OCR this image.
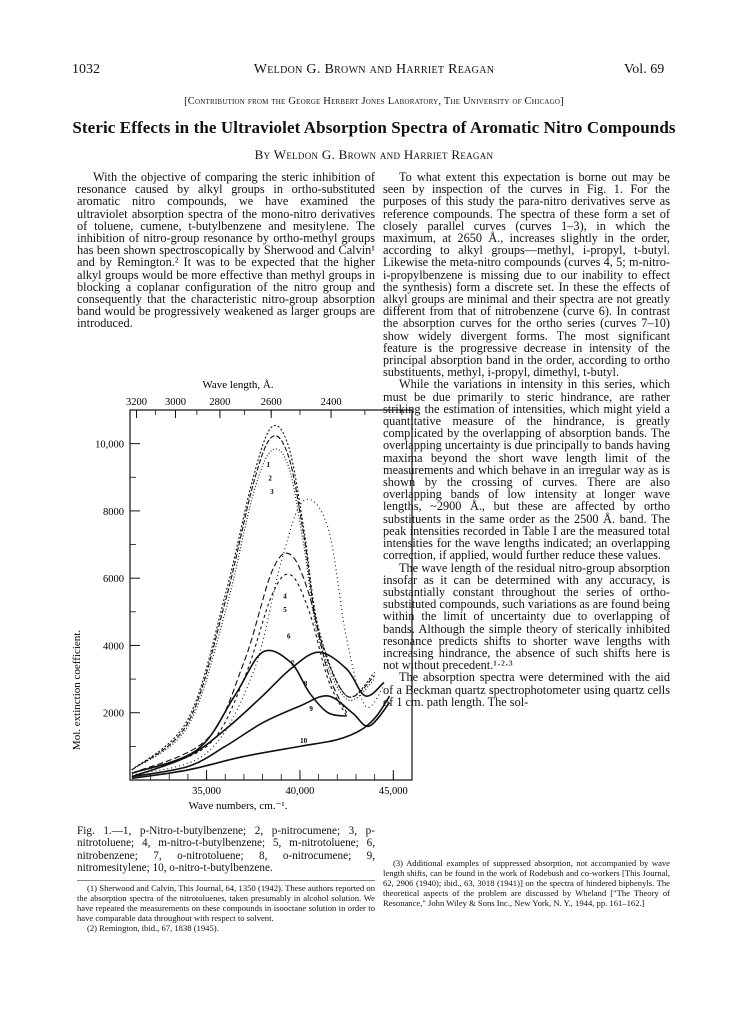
1032	Weldon G. Brown and Harriet Reagan	Vol. 69
[Contribution from the George Herbert Jones Laboratory, The University of Chicago]
Steric Effects in the Ultraviolet Absorption Spectra of Aromatic Nitro Compounds
By Weldon G. Brown and Harriet Reagan

With the objective of comparing the steric inhibition of resonance caused by alkyl groups in ortho-substituted aromatic nitro compounds, we have examined the ultraviolet absorption spectra of the mono-nitro derivatives of toluene, cumene, t-butylbenzene and mesitylene. The inhibition of nitro-group resonance by ortho-methyl groups has been shown spectroscopically by Sherwood and Calvin¹ and by Remington.² It was to be expected that the higher alkyl groups would be more effective than methyl groups in blocking a coplanar configuration of the nitro group and consequently that the characteristic nitro-group absorption band would be progressively weakened as larger groups are introduced.

Wave length, Å.
3200 3000 2800	2600	2400
10,000
8000
6000
4000
2000
35,000	40,000	45,000
Mol. extinction coefficient.
Wave numbers, cm.⁻¹.
1
2
3
4
5
6
7
8
9
10
Fig. 1.—1, p-Nitro-t-butylbenzene; 2, p-nitrocumene; 3, p-nitrotoluene; 4, m-nitro-t-butylbenzene; 5, m-nitrotoluene; 6, nitrobenzene; 7, o-nitrotoluene; 8, o-nitrocumene; 9, nitromesitylene; 10, o-nitro-t-butylbenzene.

(1) Sherwood and Calvin, This Journal, 64, 1350 (1942). These authors reported on the absorption spectra of the nitrotoluenes, taken presumably in alcohol solution. We have repeated the measurements on these compounds in isooctane solution in order to have comparable data throughout with respect to solvent.

(2) Remington, ibid., 67, 1838 (1945).

To what extent this expectation is borne out may be seen by inspection of the curves in Fig. 1. For the purposes of this study the para-nitro derivatives serve as reference compounds. The spectra of these form a set of closely parallel curves (curves 1–3), in which the maximum, at 2650 Å., increases slightly in the order, according to alkyl groups—methyl, i-propyl, t-butyl. Likewise the meta-nitro compounds (curves 4, 5; m-nitro-i-propylbenzene is missing due to our inability to effect the synthesis) form a discrete set. In these the effects of alkyl groups are minimal and their spectra are not greatly different from that of nitrobenzene (curve 6). In contrast the absorption curves for the ortho series (curves 7–10) show widely divergent forms. The most significant feature is the progressive decrease in intensity of the principal absorption band in the order, according to ortho substituents, methyl, i-propyl, dimethyl, t-butyl.

While the variations in intensity in this series, which must be due primarily to steric hindrance, are rather striking the estimation of intensities, which might yield a quantitative measure of the hindrance, is greatly complicated by the overlapping of absorption bands. The overlapping uncertainty is due principally to bands having maxima beyond the short wave length limit of the measurements and which behave in an irregular way as is shown by the crossing of curves. There are also overlapping bands of low intensity at longer wave lengths, ~2900 Å., but these are affected by ortho substituents in the same order as the 2500 Å. band. The peak intensities recorded in Table I are the measured total intensities for the wave lengths indicated; an overlapping correction, if applied, would further reduce these values.

The wave length of the residual nitro-group absorption insofar as it can be determined with any accuracy, is substantially constant throughout the series of ortho-substituted compounds, such variations as are found being within the limit of uncertainty due to overlapping of bands. Although the simple theory of sterically inhibited resonance predicts shifts to shorter wave lengths with increasing hindrance, the absence of such shifts here is not without precedent.¹·²·³

The absorption spectra were determined with the aid of a Beckman quartz spectrophotometer using quartz cells of 1 cm. path length. The sol-

(3) Additional examples of suppressed absorption, not accompanied by wave length shifts, can be found in the work of Rodebush and co-workers [This Journal, 62, 2906 (1940); ibid., 63, 3018 (1941)] on the spectra of hindered biphenyls. The theoretical aspects of the problem are discussed by Wheland ["The Theory of Resonance," John Wiley & Sons Inc., New York, N. Y., 1944, pp. 161–162.]
